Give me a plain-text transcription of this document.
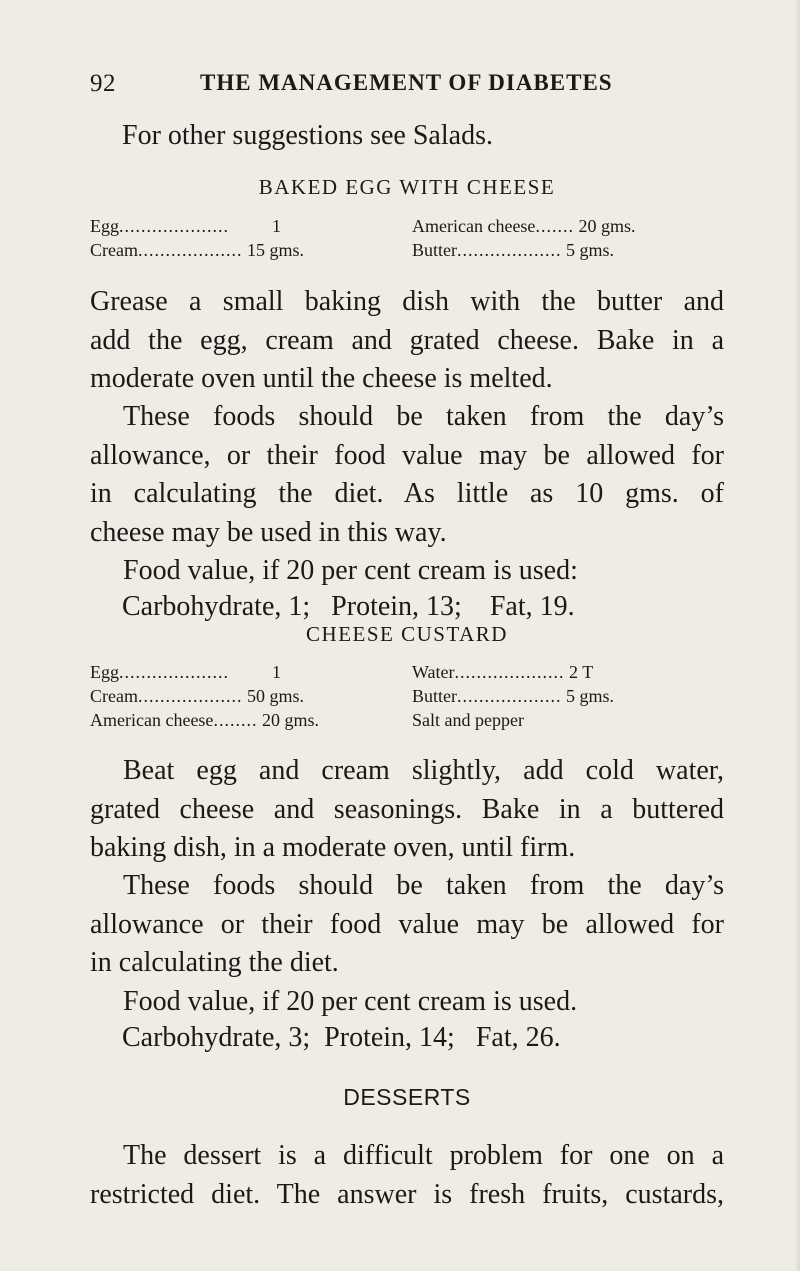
92	THE MANAGEMENT OF DIABETES
For other suggestions see Salads.
BAKED EGG WITH CHEESE
Egg.................... 1	American cheese....... 20 gms.
Cream................... 15 gms.	Butter................... 5 gms.
Grease a small baking dish with the butter and
add the egg, cream and grated cheese. Bake in a
moderate oven until the cheese is melted.
These foods should be taken from the day’s
allowance, or their food value may be allowed for
in calculating the diet. As little as 10 gms. of
cheese may be used in this way.
Food value, if 20 per cent cream is used:
Carbohydrate, 1; Protein, 13; Fat, 19.
CHEESE CUSTARD
Egg.................... 1	Water.................... 2 T
Cream................... 50 gms.	Butter................... 5 gms.
American cheese........ 20 gms.	Salt and pepper
Beat egg and cream slightly, add cold water,
grated cheese and seasonings. Bake in a buttered
baking dish, in a moderate oven, until firm.
These foods should be taken from the day’s
allowance or their food value may be allowed for
in calculating the diet.
Food value, if 20 per cent cream is used.
Carbohydrate, 3; Protein, 14; Fat, 26.
DESSERTS
The dessert is a difficult problem for one on a
restricted diet. The answer is fresh fruits, custards,
